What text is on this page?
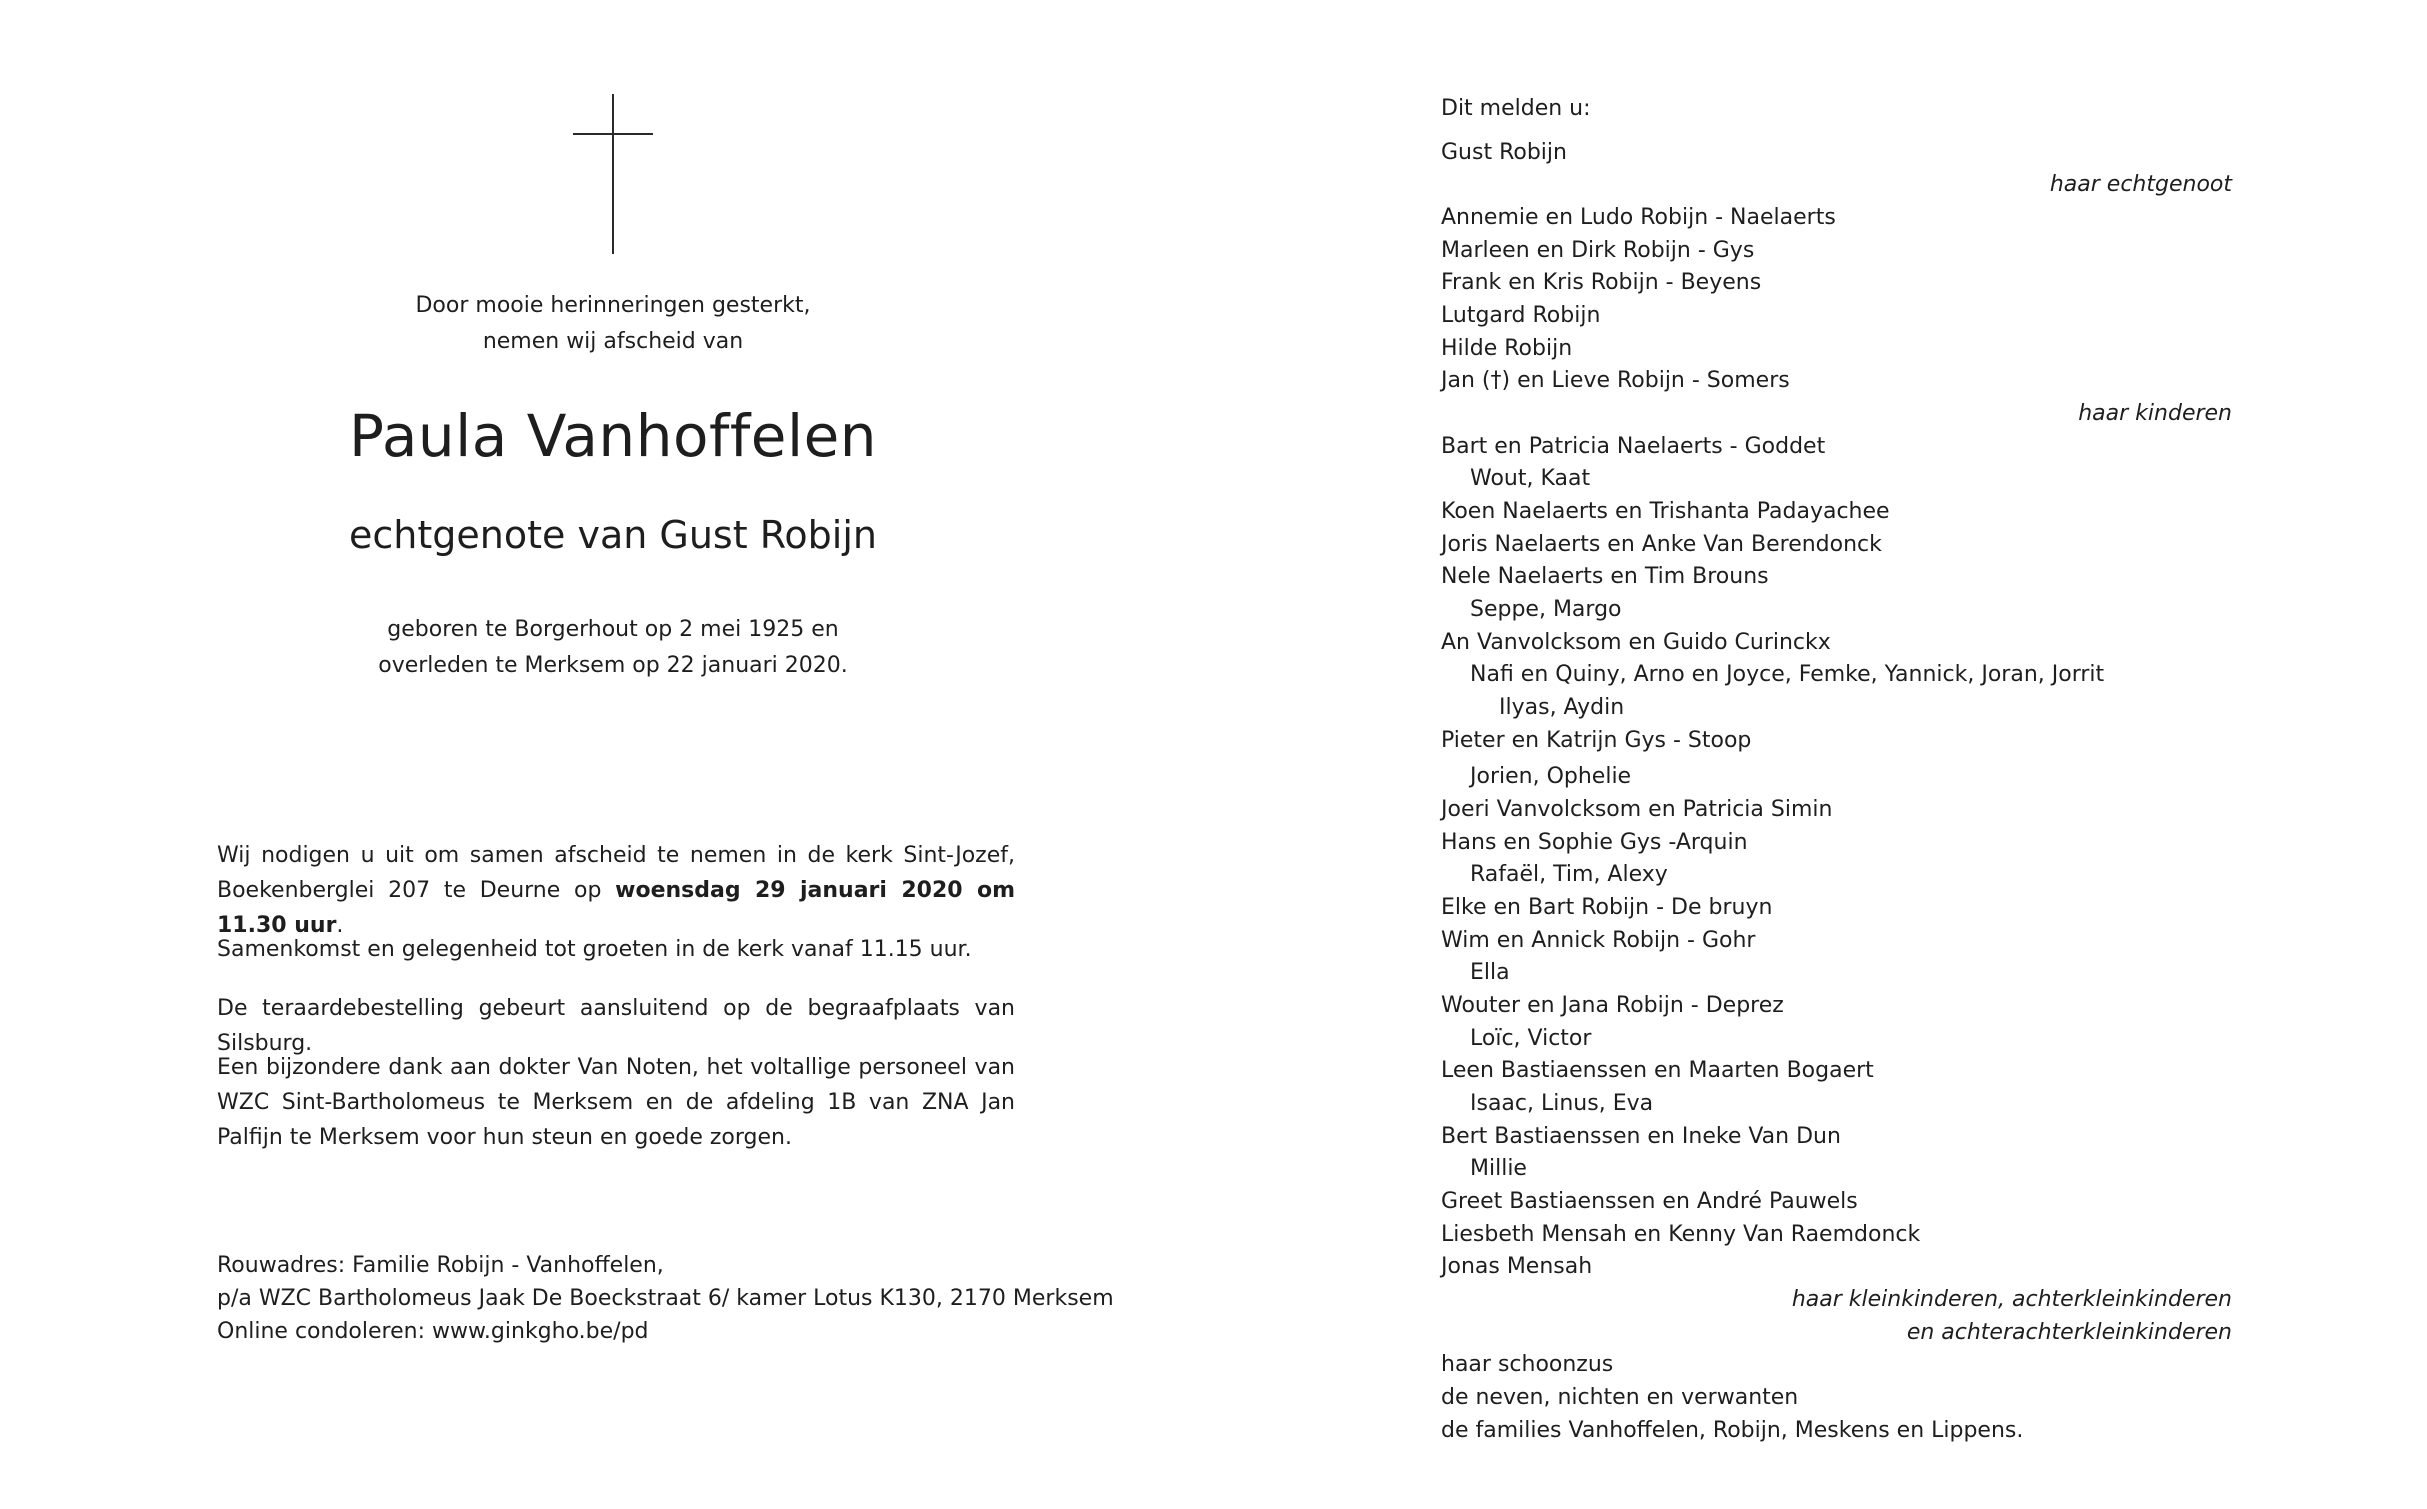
Door mooie herinneringen gesterkt,
nemen wij afscheid van
Paula Vanhoffelen
echtgenote van Gust Robijn
geboren te Borgerhout op 2 mei 1925 en
overleden te Merksem op 22 januari 2020.

Wij nodigen u uit om samen afscheid te nemen in de kerk Sint-Jozef, Boekenberglei 207 te Deurne op woensdag 29 januari 2020 om 11.30 uur.

Samenkomst en gelegenheid tot groeten in de kerk vanaf 11.15 uur.

De teraardebestelling gebeurt aansluitend op de begraafplaats van Silsburg.

Een bijzondere dank aan dokter Van Noten, het voltallige personeel van WZC Sint-Bartholomeus te Merksem en de afdeling 1B van ZNA Jan Palfijn te Merksem voor hun steun en goede zorgen.

Rouwadres: Familie Robijn - Vanhoffelen,
p/a WZC Bartholomeus Jaak De Boeckstraat 6/ kamer Lotus K130, 2170 Merksem
Online condoleren: www.ginkgho.be/pd
Dit melden u:
Gust Robijn
haar echtgenoot
Annemie en Ludo Robijn - Naelaerts
Marleen en Dirk Robijn - Gys
Frank en Kris Robijn - Beyens
Lutgard Robijn
Hilde Robijn
Jan (†) en Lieve Robijn - Somers
haar kinderen
Bart en Patricia Naelaerts - Goddet
Wout, Kaat
Koen Naelaerts en Trishanta Padayachee
Joris Naelaerts en Anke Van Berendonck
Nele Naelaerts en Tim Brouns
Seppe, Margo
An Vanvolcksom en Guido Curinckx
Nafi en Quiny, Arno en Joyce, Femke, Yannick, Joran, Jorrit
Ilyas, Aydin
Pieter en Katrijn Gys - Stoop
Jorien, Ophelie
Joeri Vanvolcksom en Patricia Simin
Hans en Sophie Gys -Arquin
Rafaël, Tim, Alexy
Elke en Bart Robijn - De bruyn
Wim en Annick Robijn - Gohr
Ella
Wouter en Jana Robijn - Deprez
Loïc, Victor
Leen Bastiaenssen en Maarten Bogaert
Isaac, Linus, Eva
Bert Bastiaenssen en Ineke Van Dun
Millie
Greet Bastiaenssen en André Pauwels
Liesbeth Mensah en Kenny Van Raemdonck
Jonas Mensah
haar kleinkinderen, achterkleinkinderen
en achterachterkleinkinderen
haar schoonzus
de neven, nichten en verwanten
de families Vanhoffelen, Robijn, Meskens en Lippens.
